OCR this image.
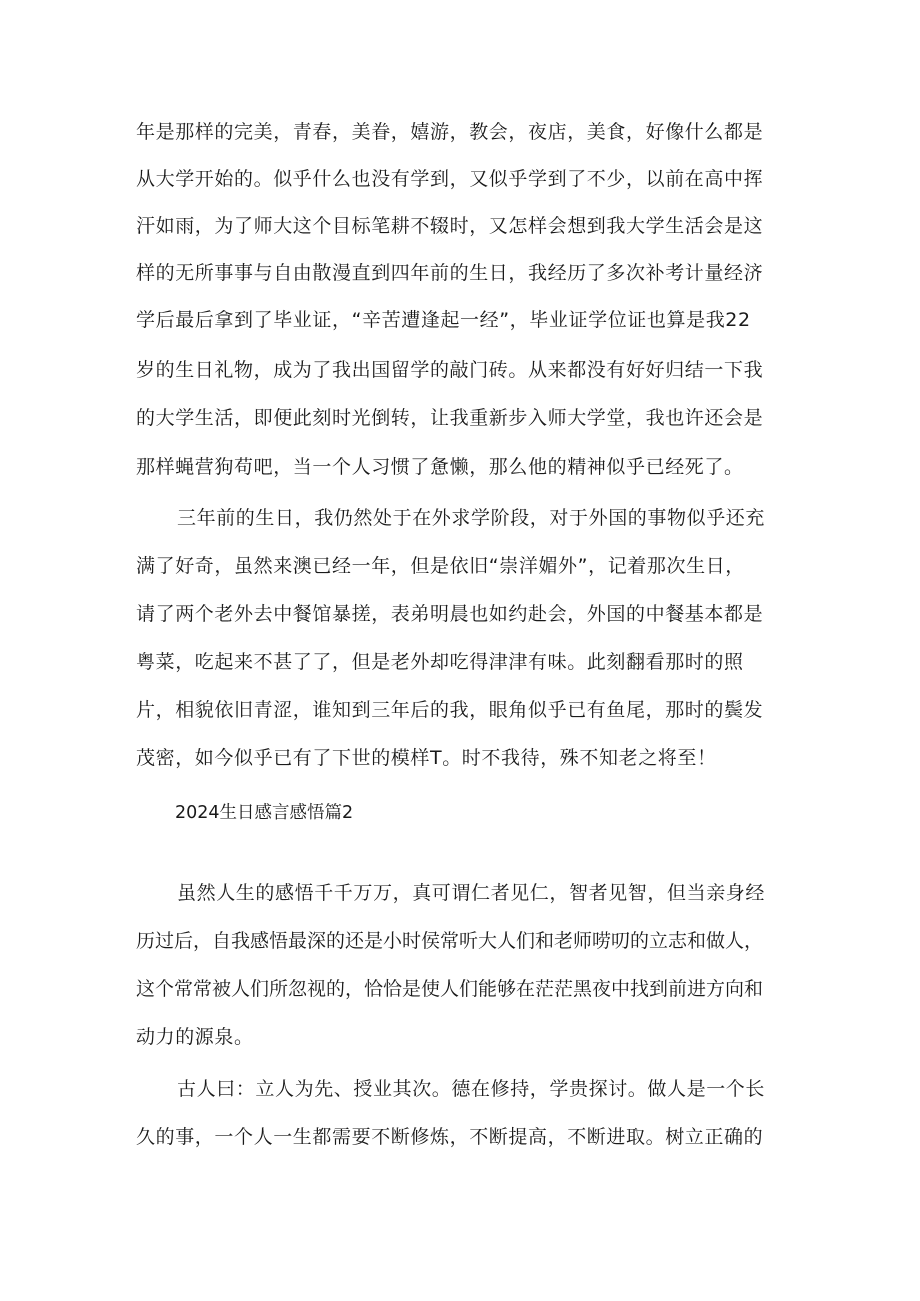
年是那样的完美，青春，美眷，嬉游，教会，夜店，美食，好像什么都是
从大学开始的。似乎什么也没有学到，又似乎学到了不少，以前在高中挥
汗如雨，为了师大这个目标笔耕不辍时，又怎样会想到我大学生活会是这
样的无所事事与自由散漫直到四年前的生日，我经历了多次补考计量经济
学后最后拿到了毕业证，“辛苦遭逢起一经”，毕业证学位证也算是我22
岁的生日礼物，成为了我出国留学的敲门砖。从来都没有好好归结一下我
的大学生活，即便此刻时光倒转，让我重新步入师大学堂，我也许还会是
那样蝇营狗苟吧，当一个人习惯了惫懒，那么他的精神似乎已经死了。
三年前的生日，我仍然处于在外求学阶段，对于外国的事物似乎还充
满了好奇，虽然来澳已经一年，但是依旧“崇洋媚外”，记着那次生日，
请了两个老外去中餐馆暴搓，表弟明晨也如约赴会，外国的中餐基本都是
粤菜，吃起来不甚了了，但是老外却吃得津津有味。此刻翻看那时的照
片，相貌依旧青涩，谁知到三年后的我，眼角似乎已有鱼尾，那时的鬓发
茂密，如今似乎已有了下世的模样T。时不我待，殊不知老之将至！
2024生日感言感悟篇2
虽然人生的感悟千千万万，真可谓仁者见仁，智者见智，但当亲身经
历过后，自我感悟最深的还是小时侯常听大人们和老师唠叨的立志和做人，
这个常常被人们所忽视的，恰恰是使人们能够在茫茫黑夜中找到前进方向和
动力的源泉。
古人曰：立人为先、授业其次。德在修持，学贵探讨。做人是一个长
久的事，一个人一生都需要不断修炼，不断提高，不断进取。树立正确的
